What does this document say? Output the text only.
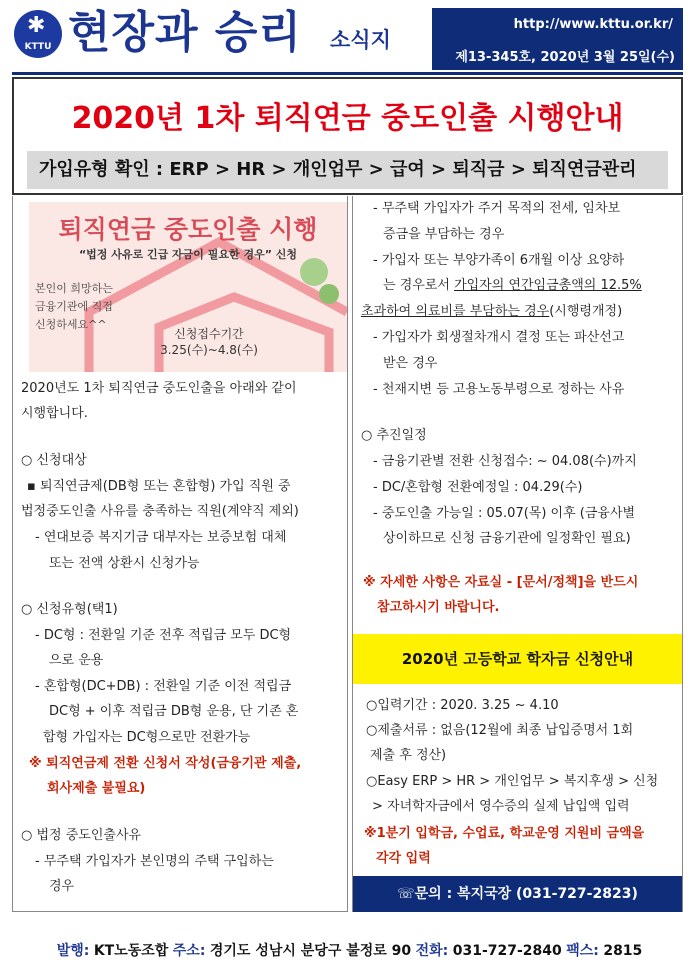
✱
KTTU 현장과 승리 소식지
http://www.kttu.or.kr/
제13-345호, 2020년 3월 25일(수)
2020년 1차 퇴직연금 중도인출 시행안내
가입유형 확인 : ERP > HR > 개인업무 > 급여 > 퇴직금 > 퇴직연금관리
퇴직연금 중도인출 시행
“법정 사유로 긴급 자금이 필요한 경우” 신청
본인이 희망하는
금융기관에 직접
신청하세요^^
신청접수기간
3.25(수)~4.8(수)
2020년도 1차 퇴직연금 중도인출을 아래와 같이
시행합니다.
○ 신청대상
▪ 퇴직연금제(DB형 또는 혼합형) 가입 직원 중
법정중도인출 사유를 충족하는 직원(계약직 제외)
- 연대보증 복지기금 대부자는 보증보험 대체
또는 전액 상환시 신청가능
○ 신청유형(택1)
- DC형 : 전환일 기준 전후 적립금 모두 DC형
으로 운용
- 혼합형(DC+DB) : 전환일 기준 이전 적립금
DC형 + 이후 적립금 DB형 운용, 단 기존 혼
합형 가입자는 DC형으로만 전환가능
※ 퇴직연금제 전환 신청서 작성(금융기관 제출,
회사제출 불필요)
○ 법정 중도인출사유
- 무주택 가입자가 본인명의 주택 구입하는
경우
- 무주택 가입자가 주거 목적의 전세, 임차보
증금을 부담하는 경우
- 가입자 또는 부양가족이 6개월 이상 요양하
는 경우로서 가입자의 연간임금총액의 12.5%
초과하여 의료비를 부담하는 경우(시행령개정)
- 가입자가 회생절차개시 결정 또는 파산선고
받은 경우
- 천재지변 등 고용노동부령으로 정하는 사유
○ 추진일정
- 금융기관별 전환 신청접수: ~ 04.08(수)까지
- DC/혼합형 전환예정일 : 04.29(수)
- 중도인출 가능일 : 05.07(목) 이후 (금융사별
상이하므로 신청 금융기관에 일정확인 필요)
※ 자세한 사항은 자료실 - [문서/정책]을 반드시
참고하시기 바랍니다.
2020년 고등학교 학자금 신청안내
○입력기간 : 2020. 3.25 ~ 4.10
○제출서류 : 없음(12월에 최종 납입증명서 1회
제출 후 정산)
○Easy ERP > HR > 개인업무 > 복지후생 > 신청
> 자녀학자금에서 영수증의 실제 납입액 입력
※1분기 입학금, 수업료, 학교운영 지원비 금액을
각각 입력
☏문의 : 복지국장 (031-727-2823)
발행: KT노동조합 주소: 경기도 성남시 분당구 불정로 90 전화: 031-727-2840 팩스: 2815
